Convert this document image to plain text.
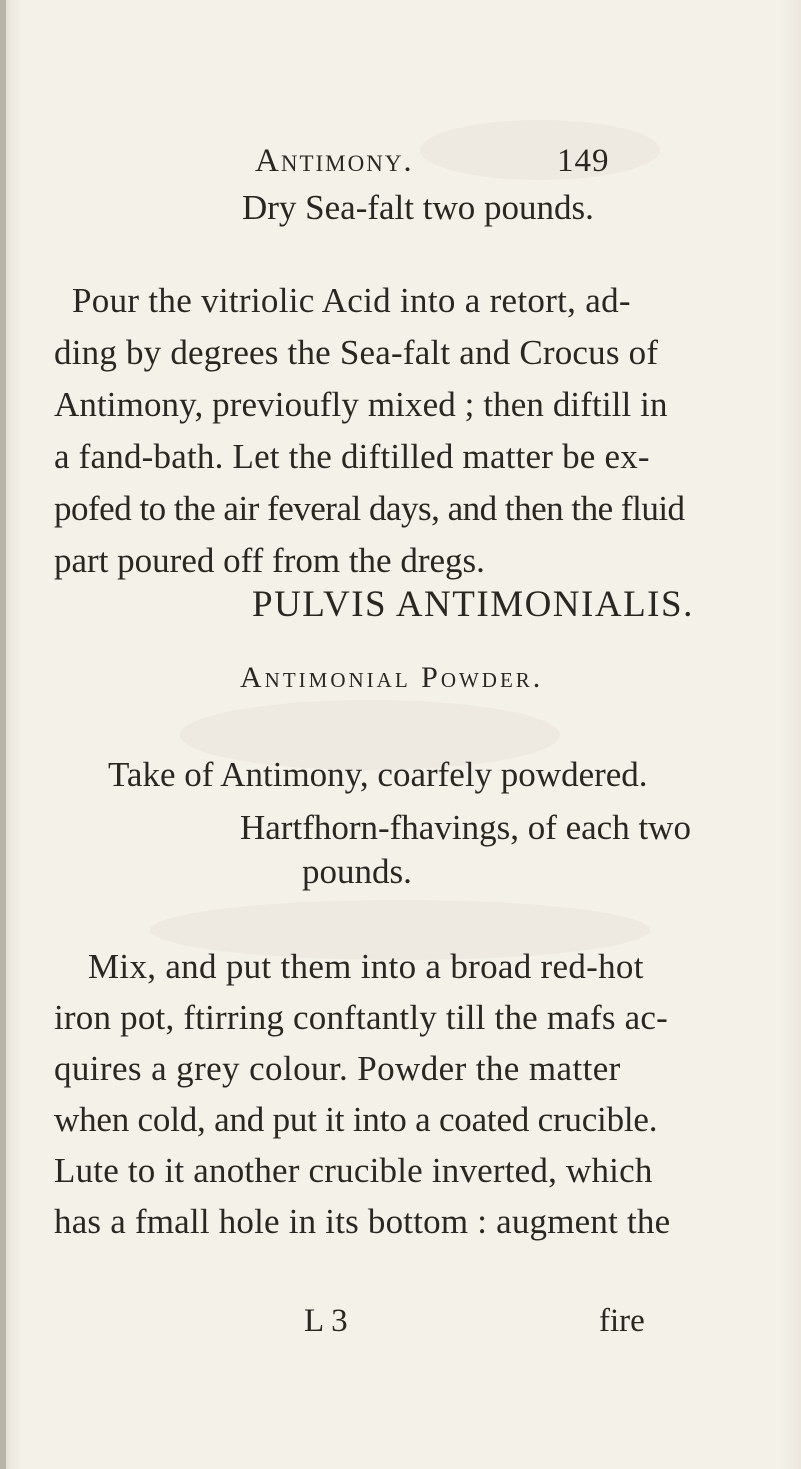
Antimony.	149
Dry Sea-falt two pounds.
Pour the vitriolic Acid into a retort, ad-
ding by degrees the Sea-falt and Crocus of
Antimony, previoufly mixed ; then diftill in
a fand-bath. Let the diftilled matter be ex-
pofed to the air feveral days, and then the fluid
part poured off from the dregs.
PULVIS ANTIMONIALIS.
Antimonial Powder.
Take of Antimony, coarfely powdered.
Hartfhorn-fhavings, of each two
pounds.
Mix, and put them into a broad red-hot
iron pot, ftirring conftantly till the mafs ac-
quires a grey colour. Powder the matter
when cold, and put it into a coated crucible.
Lute to it another crucible inverted, which
has a fmall hole in its bottom : augment the
L 3	fire
